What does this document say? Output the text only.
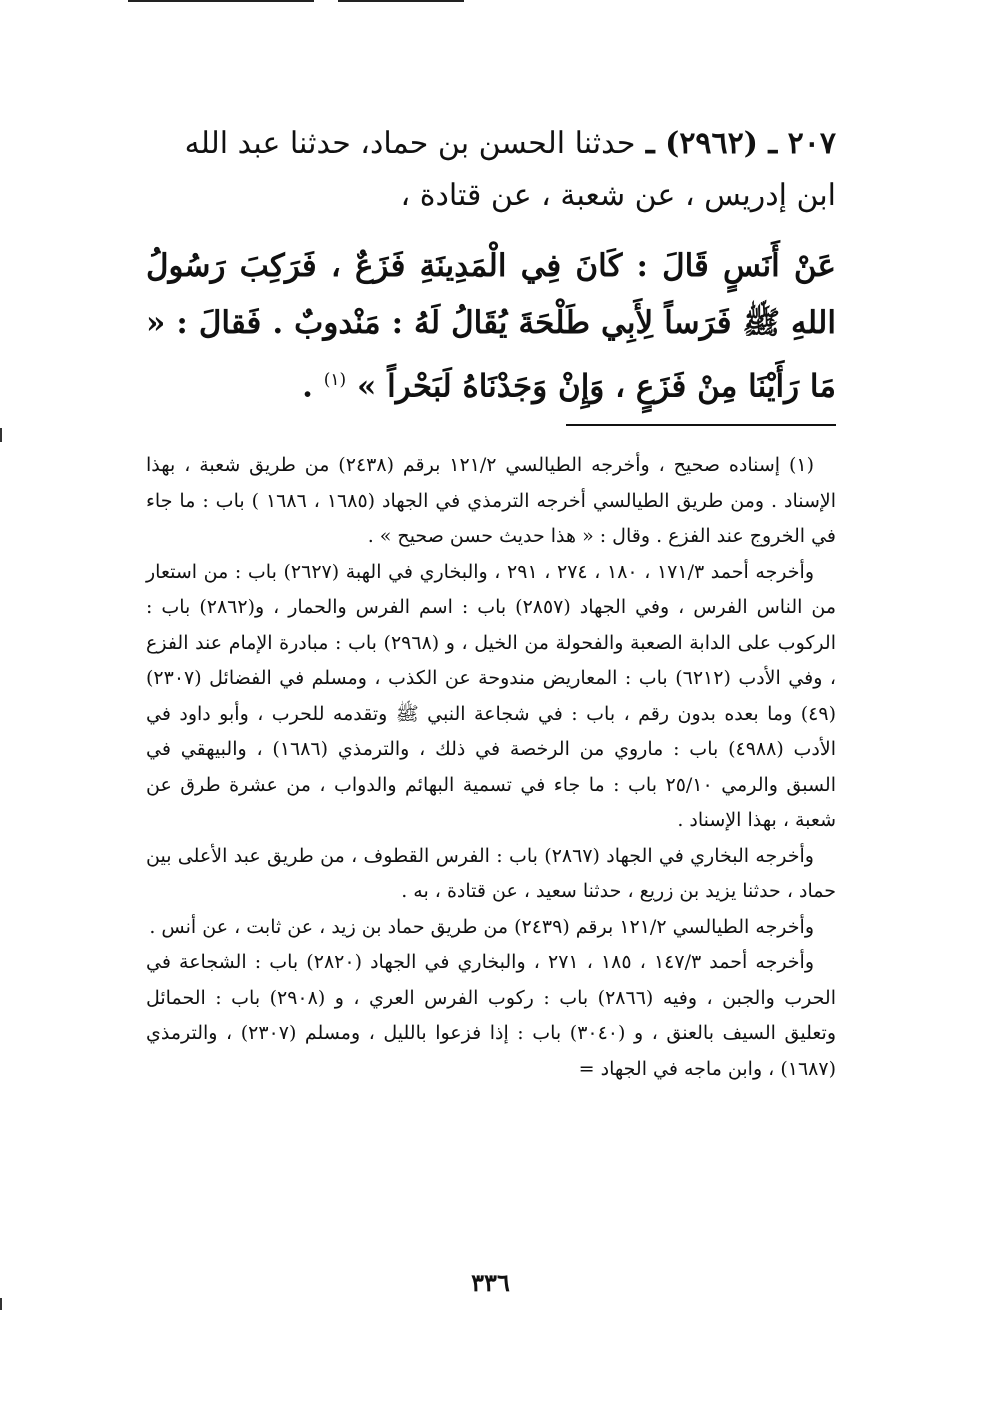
٢٠٧ ـ (٢٩٦٢) ـ حدثنا الحسن بن حماد، حدثنا عبد الله
ابن إدريس ، عن شعبة ، عن قتادة ،

عَنْ أَنَسٍ قَالَ : كَانَ فِي الْمَدِينَةِ فَزَعٌ ، فَرَكِبَ رَسُولُ اللهِ ﷺ فَرَساً لِأَبِي طَلْحَةَ يُقَالُ لَهُ : مَنْدوبٌ . فَقالَ : « مَا رَأَيْنَا مِنْ فَزَعٍ ، وَإِنْ وَجَدْنَاهُ لَبَحْراً » $^{(١)}$ .

(١) إسناده صحيح ، وأخرجه الطيالسي ١٢١/٢ برقم (٢٤٣٨) من طريق شعبة ، بهذا الإسناد . ومن طريق الطيالسي أخرجه الترمذي في الجهاد (١٦٨٥ ، ١٦٨٦ ) باب : ما جاء في الخروج عند الفزع . وقال : « هذا حديث حسن صحيح » .

وأخرجه أحمد ١٧١/٣ ، ١٨٠ ، ٢٧٤ ، ٢٩١ ، والبخاري في الهبة (٢٦٢٧) باب : من استعار من الناس الفرس ، وفي الجهاد (٢٨٥٧) باب : اسم الفرس والحمار ، و(٢٨٦٢) باب : الركوب على الدابة الصعبة والفحولة من الخيل ، و (٢٩٦٨) باب : مبادرة الإمام عند الفزع ، وفي الأدب (٦٢١٢) باب : المعاريض مندوحة عن الكذب ، ومسلم في الفضائل (٢٣٠٧) (٤٩) وما بعده بدون رقم ، باب : في شجاعة النبي ﷺ وتقدمه للحرب ، وأبو داود في الأدب (٤٩٨٨) باب : ماروي من الرخصة في ذلك ، والترمذي (١٦٨٦) ، والبيهقي في السبق والرمي ٢٥/١٠ باب : ما جاء في تسمية البهائم والدواب ، من عشرة طرق عن شعبة ، بهذا الإسناد .

وأخرجه البخاري في الجهاد (٢٨٦٧) باب : الفرس القطوف ، من طريق عبد الأعلى بين حماد ، حدثنا يزيد بن زريع ، حدثنا سعيد ، عن قتادة ، به .

وأخرجه الطيالسي ١٢١/٢ برقم (٢٤٣٩) من طريق حماد بن زيد ، عن ثابت ، عن أنس .

وأخرجه أحمد ١٤٧/٣ ، ١٨٥ ، ٢٧١ ، والبخاري في الجهاد (٢٨٢٠) باب : الشجاعة في الحرب والجبن ، وفيه (٢٨٦٦) باب : ركوب الفرس العري ، و (٢٩٠٨) باب : الحمائل وتعليق السيف بالعنق ، و (٣٠٤٠) باب : إذا فزعوا بالليل ، ومسلم (٢٣٠٧) ، والترمذي (١٦٨٧) ، وابن ماجه في الجهاد =

٣٣٦
